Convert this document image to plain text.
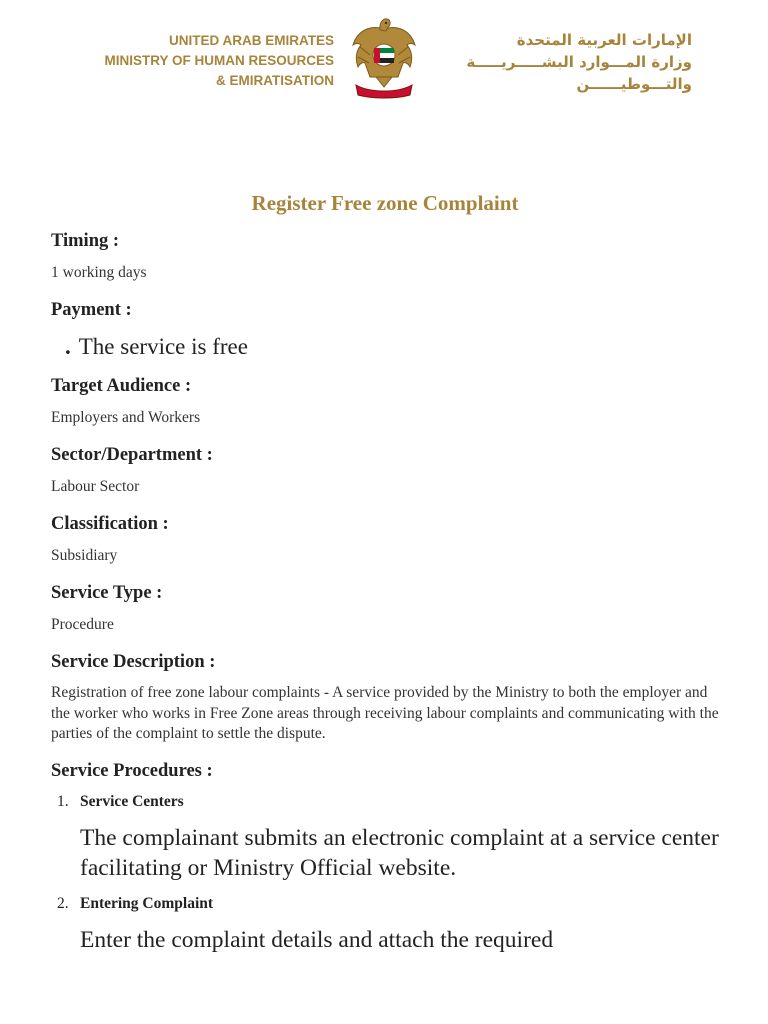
UNITED ARAB EMIRATES
MINISTRY OF HUMAN RESOURCES
& EMIRATISATION
الإمارات العربية المتحدة
وزارة المـــوارد البشـــــريـــــة
والتـــوطيــــــن
Register Free zone Complaint

Timing :

1 working days

Payment :

. The service is free

Target Audience :

Employers and Workers

Sector/Department :

Labour Sector

Classification :

Subsidiary

Service Type :

Procedure

Service Description :

Registration of free zone labour complaints - A service provided by the Ministry to both the employer and the worker who works in Free Zone areas through receiving labour complaints and communicating with the parties of the complaint to settle the dispute.

Service Procedures :

1. Service Centers

The complainant submits an electronic complaint at a service center facilitating or Ministry Official website.

2. Entering Complaint

Enter the complaint details and attach the required
